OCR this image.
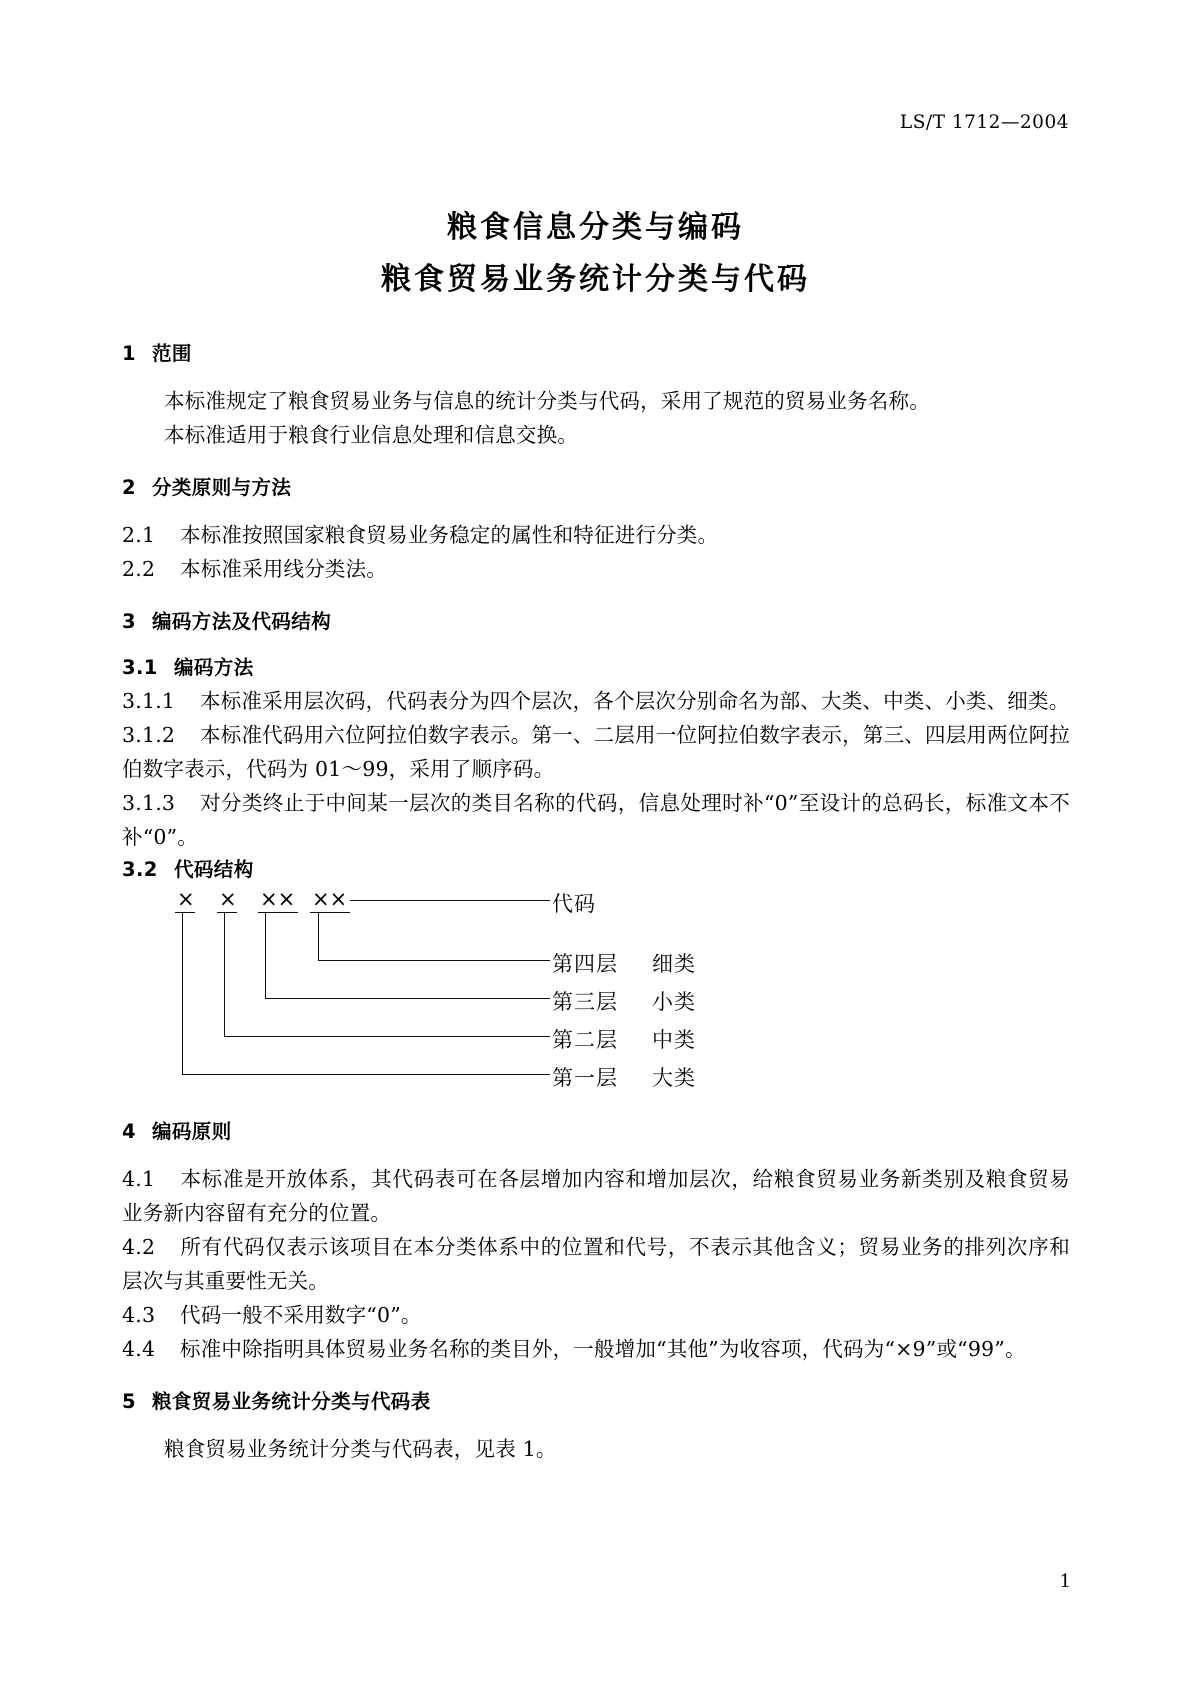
LS/T 1712—2004
粮食信息分类与编码
粮食贸易业务统计分类与代码
1 范围

本标准规定了粮食贸易业务与信息的统计分类与代码，采用了规范的贸易业务名称。

本标准适用于粮食行业信息处理和信息交换。

2 分类原则与方法

2.1 本标准按照国家粮食贸易业务稳定的属性和特征进行分类。

2.2 本标准采用线分类法。

3 编码方法及代码结构
3.1 编码方法

3.1.1 本标准采用层次码，代码表分为四个层次，各个层次分别命名为部、大类、中类、小类、细类。

3.1.2 本标准代码用六位阿拉伯数字表示。第一、二层用一位阿拉伯数字表示，第三、四层用两位阿拉伯数字表示，代码为 01～99，采用了顺序码。

3.1.3 对分类终止于中间某一层次的类目名称的代码，信息处理时补“0”至设计的总码长，标准文本不补“0”。

3.2 代码结构
× × ×× ××	代码
第四层 细类
第三层 小类
第二层 中类
第一层 大类
4 编码原则

4.1 本标准是开放体系，其代码表可在各层增加内容和增加层次，给粮食贸易业务新类别及粮食贸易业务新内容留有充分的位置。

4.2 所有代码仅表示该项目在本分类体系中的位置和代号，不表示其他含义；贸易业务的排列次序和层次与其重要性无关。

4.3 代码一般不采用数字“0”。

4.4 标准中除指明具体贸易业务名称的类目外，一般增加“其他”为收容项，代码为“×9”或“99”。

5 粮食贸易业务统计分类与代码表

粮食贸易业务统计分类与代码表，见表 1。

1
